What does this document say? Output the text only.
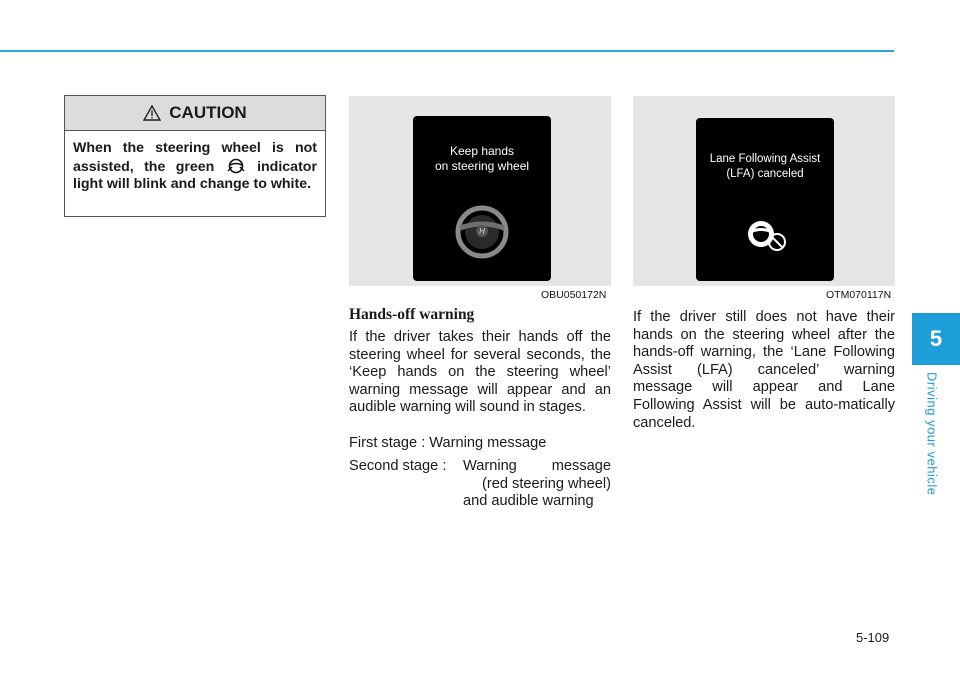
5
Driving your vehicle
CAUTION
When the steering wheel is not assisted, the green	indicator light will blink and change to white.
Keep hands
on steering wheel
H
OBU050172N
Lane Following Assist
(LFA) canceled
OTM070117N
Hands-off warning
If the driver takes their hands off the steering wheel for several seconds, the ‘Keep hands on the steering wheel’ warning message will appear and an audible warning will sound in stages.
First stage : Warning message
Second stage :	Warning message
(red steering wheel)
and audible warning
If the driver still does not have their hands on the steering wheel after the hands-off warning, the ‘Lane Following Assist (LFA) canceled’ warning message will appear and Lane Following Assist will be auto-matically canceled.
5-109
